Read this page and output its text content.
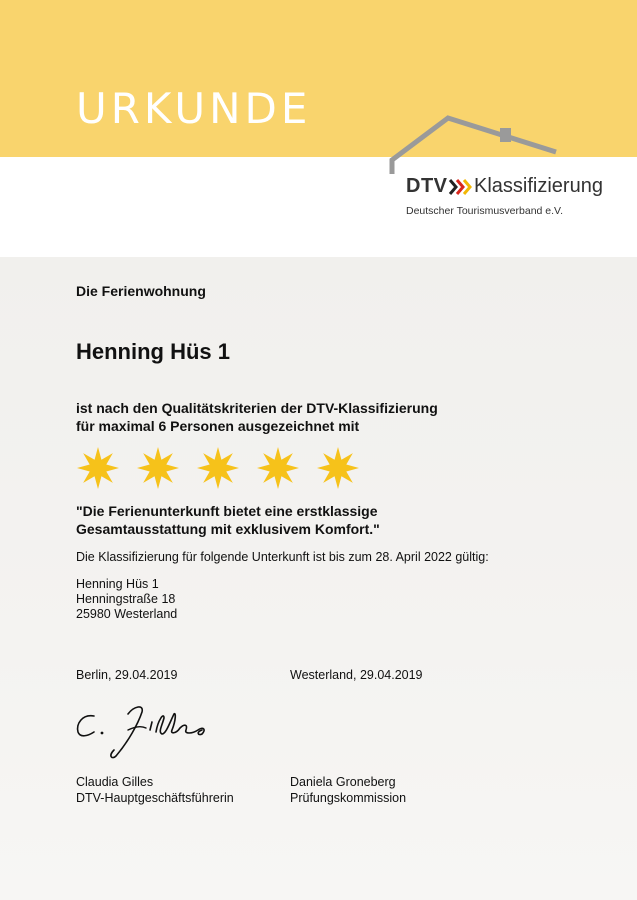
URKUNDE
DTV Klassifizierung
Deutscher Tourismusverband e.V.
Die Ferienwohnung
Henning Hüs 1
ist nach den Qualitätskriterien der DTV-Klassifizierung
für maximal 6 Personen ausgezeichnet mit
"Die Ferienunterkunft bietet eine erstklassige
Gesamtausstattung mit exklusivem Komfort."
Die Klassifizierung für folgende Unterkunft ist bis zum 28. April 2022 gültig:
Henning Hüs 1
Henningstraße 18
25980 Westerland
Berlin, 29.04.2019	Westerland, 29.04.2019
Claudia Gilles
DTV-Hauptgeschäftsführerin
Daniela Groneberg
Prüfungskommission
